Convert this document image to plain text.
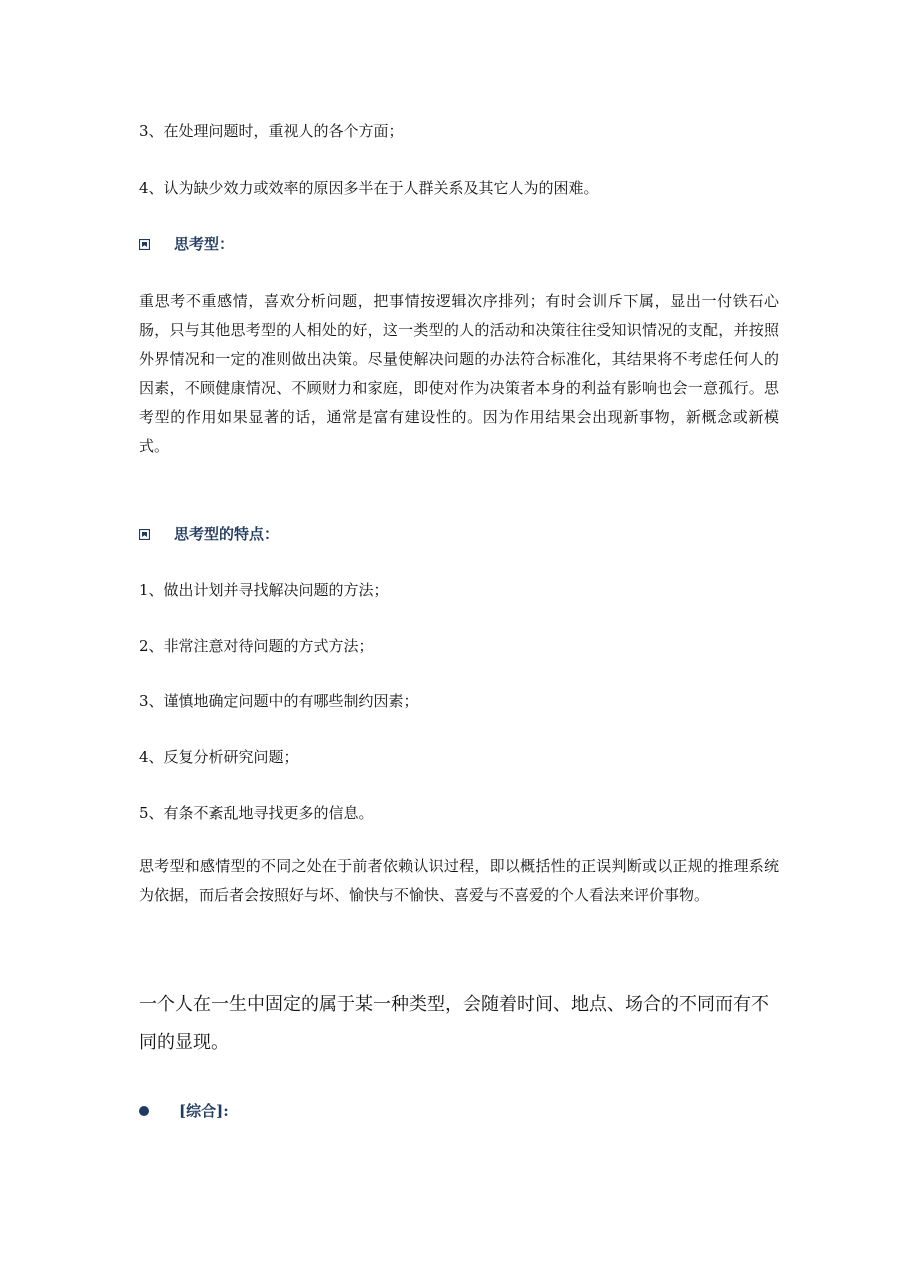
3、在处理问题时，重视人的各个方面；
4、认为缺少效力或效率的原因多半在于人群关系及其它人为的困难。
思考型：
重思考不重感情，喜欢分析问题，把事情按逻辑次序排列；有时会训斥下属，显出一付铁石心肠，只与其他思考型的人相处的好，这一类型的人的活动和决策往往受知识情况的支配，并按照外界情况和一定的准则做出决策。尽量使解决问题的办法符合标准化，其结果将不考虑任何人的因素，不顾健康情况、不顾财力和家庭，即使对作为决策者本身的利益有影响也会一意孤行。思考型的作用如果显著的话，通常是富有建设性的。因为作用结果会出现新事物，新概念或新模式。
思考型的特点：
1、做出计划并寻找解决问题的方法；
2、非常注意对待问题的方式方法；
3、谨慎地确定问题中的有哪些制约因素；
4、反复分析研究问题；
5、有条不紊乱地寻找更多的信息。
思考型和感情型的不同之处在于前者依赖认识过程，即以概括性的正误判断或以正规的推理系统为依据，而后者会按照好与坏、愉快与不愉快、喜爱与不喜爱的个人看法来评价事物。
一个人在一生中固定的属于某一种类型，会随着时间、地点、场合的不同而有不同的显现。
[综合]:
